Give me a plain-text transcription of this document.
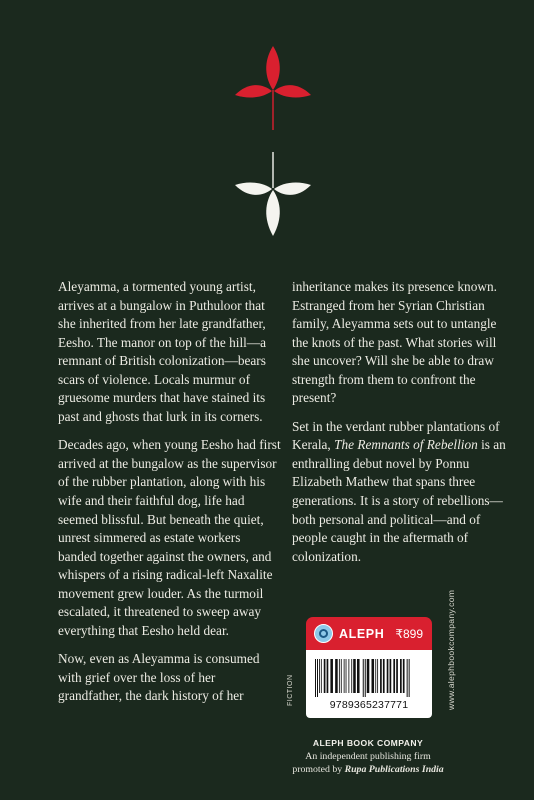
Aleyamma, a tormented young artist, arrives at a bungalow in Puthuloor that she inherited from her late grandfather, Eesho. The manor on top of the hill—a remnant of British colonization—bears scars of violence. Locals murmur of gruesome murders that have stained its past and ghosts that lurk in its corners.

Decades ago, when young Eesho had first arrived at the bungalow as the supervisor of the rubber plantation, along with his wife and their faithful dog, life had seemed blissful. But beneath the quiet, unrest simmered as estate workers banded together against the owners, and whispers of a rising radical-left Naxalite movement grew louder. As the turmoil escalated, it threatened to sweep away everything that Eesho held dear.

Now, even as Aleyamma is consumed with grief over the loss of her grandfather, the dark history of her

inheritance makes its presence known. Estranged from her Syrian Christian family, Aleyamma sets out to untangle the knots of the past. What stories will she uncover? Will she be able to draw strength from them to confront the present?

Set in the verdant rubber plantations of Kerala, The Remnants of Rebellion is an enthralling debut novel by Ponnu Elizabeth Mathew that spans three generations. It is a story of rebellions—both personal and political—and of people caught in the aftermath of colonization.

FICTION
ALEPH ₹899
9789365237771	www.alephbookcompany.com
ALEPH BOOK COMPANY
An independent publishing firm
promoted by Rupa Publications India
